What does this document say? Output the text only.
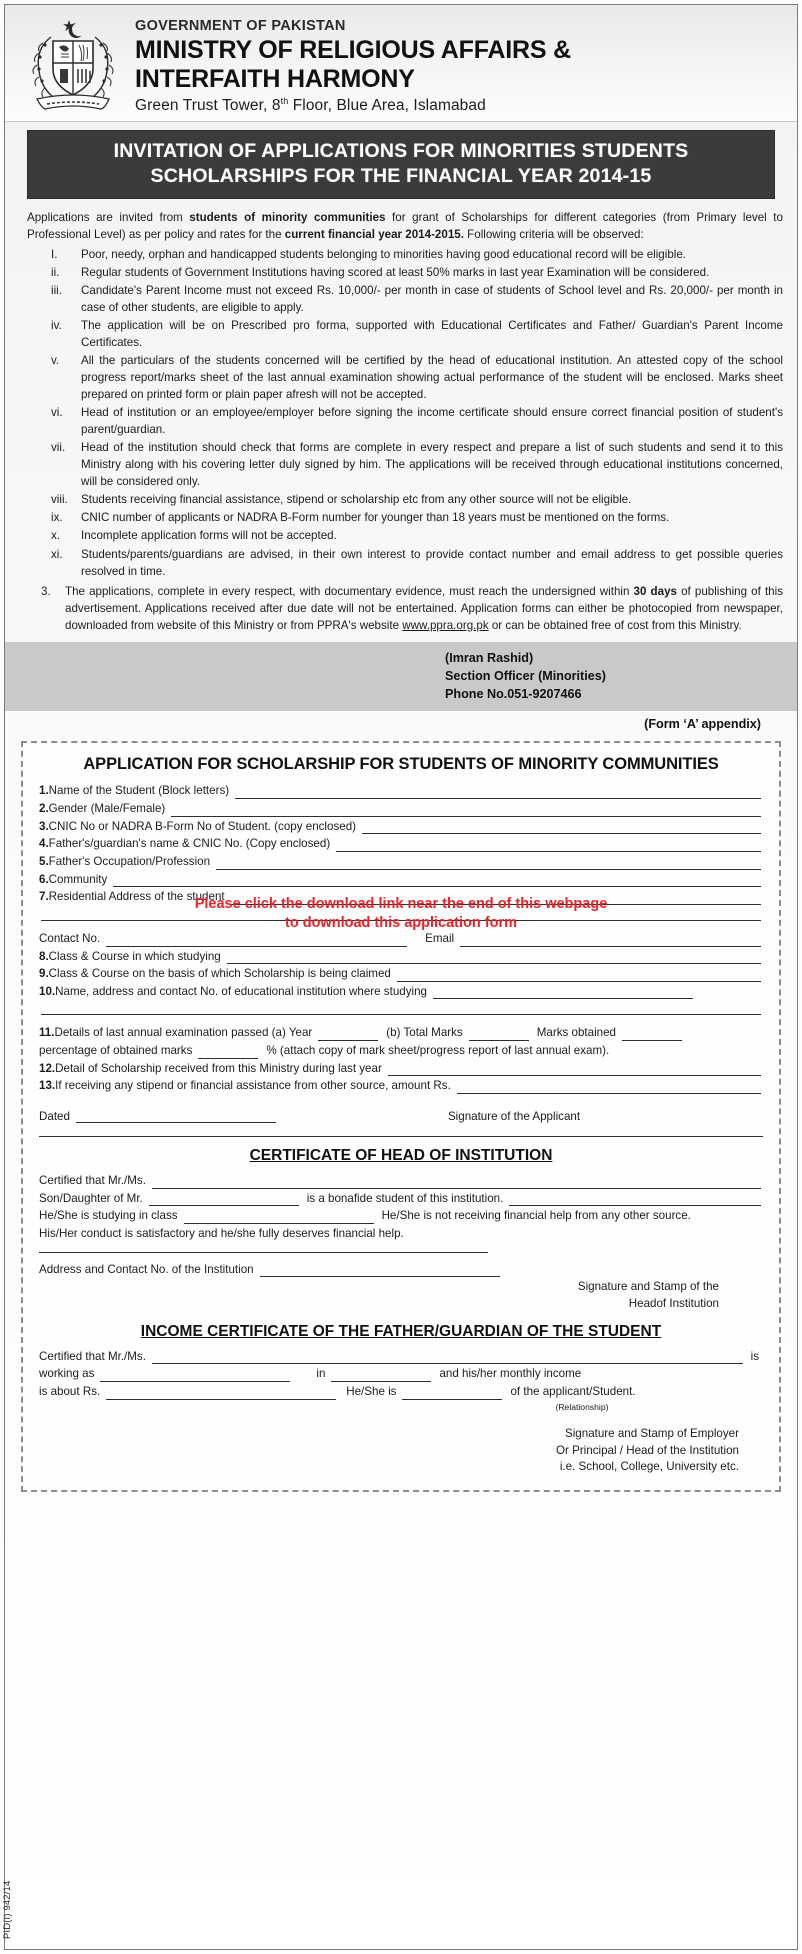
GOVERNMENT OF PAKISTAN
MINISTRY OF RELIGIOUS AFFAIRS &
INTERFAITH HARMONY
Green Trust Tower, 8th Floor, Blue Area, Islamabad
INVITATION OF APPLICATIONS FOR MINORITIES STUDENTS
SCHOLARSHIPS FOR THE FINANCIAL YEAR 2014-15

Applications are invited from students of minority communities for grant of Scholarships for different categories (from Primary level to Professional Level) as per policy and rates for the current financial year 2014-2015. Following criteria will be observed:

I.	Poor, needy, orphan and handicapped students belonging to minorities having good educational record will be eligible.
ii.	Regular students of Government Institutions having scored at least 50% marks in last year Examination will be considered.
iii.	Candidate's Parent Income must not exceed Rs. 10,000/- per month in case of students of School level and Rs. 20,000/- per month in case of other students, are eligible to apply.
iv.	The application will be on Prescribed pro forma, supported with Educational Certificates and Father/ Guardian's Parent Income Certificates.
v.	All the particulars of the students concerned will be certified by the head of educational institution. An attested copy of the school progress report/marks sheet of the last annual examination showing actual performance of the student will be enclosed. Marks sheet prepared on printed form or plain paper afresh will not be accepted.
vi.	Head of institution or an employee/employer before signing the income certificate should ensure correct financial position of student's parent/guardian.
vii.	Head of the institution should check that forms are complete in every respect and prepare a list of such students and send it to this Ministry along with his covering letter duly signed by him. The applications will be received through educational institutions concerned, will be considered only.
viii.	Students receiving financial assistance, stipend or scholarship etc from any other source will not be eligible.
ix.	CNIC number of applicants or NADRA B-Form number for younger than 18 years must be mentioned on the forms.
x.	Incomplete application forms will not be accepted.
xi.	Students/parents/guardians are advised, in their own interest to provide contact number and email address to get possible queries resolved in time.
3. The applications, complete in every respect, with documentary evidence, must reach the undersigned within 30 days of publishing of this advertisement. Applications received after due date will not be entertained. Application forms can either be photocopied from newspaper, downloaded from website of this Ministry or from PPRA's website www.ppra.org.pk or can be obtained free of cost from this Ministry.
(Imran Rashid)
Section Officer (Minorities)
Phone No.051-9207466
(Form ‘A’ appendix)
APPLICATION FOR SCHOLARSHIP FOR STUDENTS OF MINORITY COMMUNITIES
1. Name of the Student (Block letters)
2. Gender (Male/Female)
3. CNIC No or NADRA B-Form No of Student. (copy enclosed)
4. Father's/guardian's name & CNIC No. (Copy enclosed)
5. Father's Occupation/Profession
6. Community
7. Residential Address of the student
Contact No.	Email
8. Class & Course in which studying
9. Class & Course on the basis of which Scholarship is being claimed
10. Name, address and contact No. of educational institution where studying
11. Details of last annual examination passed (a) Year	(b) Total Marks	Marks obtained
percentage of obtained marks	% (attach copy of mark sheet/progress report of last annual exam).
12. Detail of Scholarship received from this Ministry during last year
13. If receiving any stipend or financial assistance from other source, amount Rs.
Dated	Signature of the Applicant
CERTIFICATE OF HEAD OF INSTITUTION
Certified that Mr./Ms.
Son/Daughter of Mr.	is a bonafide student of this institution.
He/She is studying in class	He/She is not receiving financial help from any other source.
His/Her conduct is satisfactory and he/she fully deserves financial help.
Address and Contact No. of the Institution
Signature and Stamp of the
Headof Institution
INCOME CERTIFICATE OF THE FATHER/GUARDIAN OF THE STUDENT
Certified that Mr./Ms.	is
working as	in	and his/her monthly income
is about Rs.	He/She is	of the applicant/Student.
(Relationship)
Signature and Stamp of Employer
Or Principal / Head of the Institution
i.e. School, College, University etc.
Please click the download link near the end of this webpage
to download this application form
PID(I) 942/14
